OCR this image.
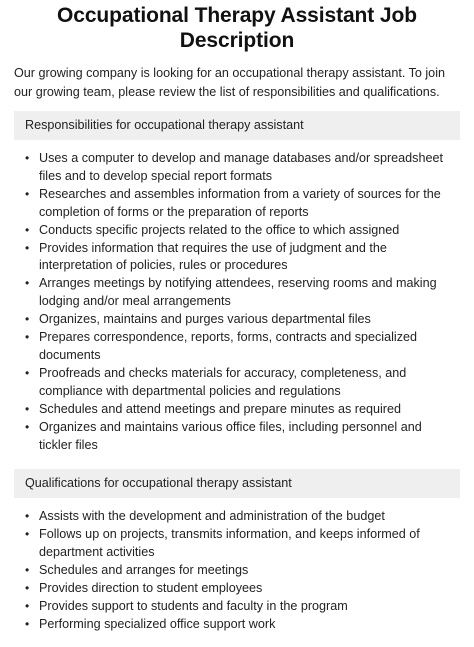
Occupational Therapy Assistant Job Description

Our growing company is looking for an occupational therapy assistant. To join our growing team, please review the list of responsibilities and qualifications.

Responsibilities for occupational therapy assistant
• Uses a computer to develop and manage databases and/or spreadsheet files and to develop special report formats
• Researches and assembles information from a variety of sources for the completion of forms or the preparation of reports
• Conducts specific projects related to the office to which assigned
• Provides information that requires the use of judgment and the interpretation of policies, rules or procedures
• Arranges meetings by notifying attendees, reserving rooms and making lodging and/or meal arrangements
• Organizes, maintains and purges various departmental files
• Prepares correspondence, reports, forms, contracts and specialized documents
• Proofreads and checks materials for accuracy, completeness, and compliance with departmental policies and regulations
• Schedules and attend meetings and prepare minutes as required
• Organizes and maintains various office files, including personnel and tickler files
Qualifications for occupational therapy assistant
• Assists with the development and administration of the budget
• Follows up on projects, transmits information, and keeps informed of department activities
• Schedules and arranges for meetings
• Provides direction to student employees
• Provides support to students and faculty in the program
• Performing specialized office support work
